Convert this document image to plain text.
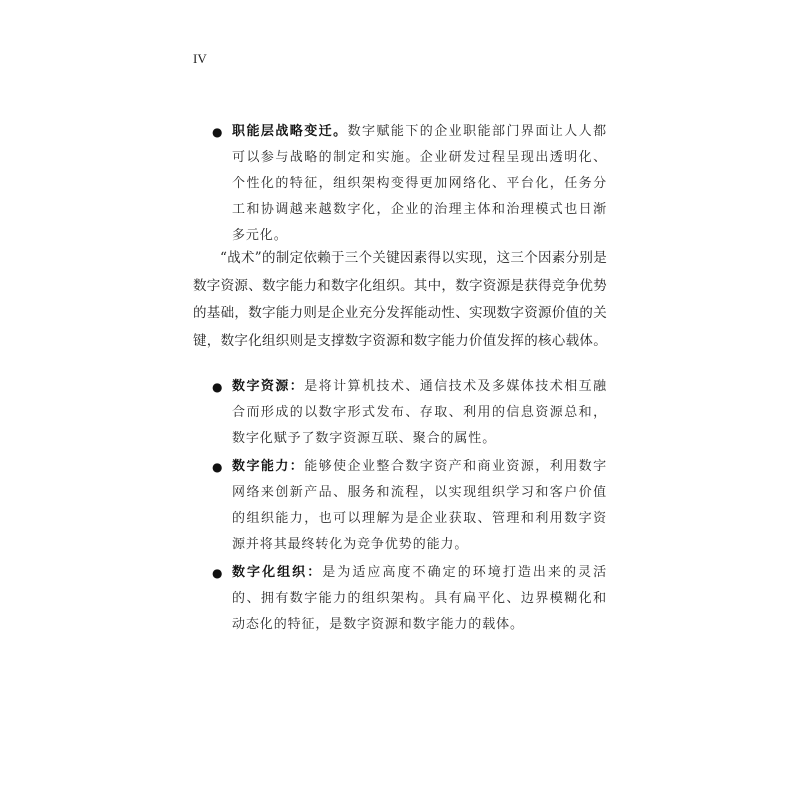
IV
● 职能层战略变迁。数字赋能下的企业职能部门界面让人人都可以参与战略的制定和实施。企业研发过程呈现出透明化、个性化的特征，组织架构变得更加网络化、平台化，任务分工和协调越来越数字化，企业的治理主体和治理模式也日渐多元化。

“战术”的制定依赖于三个关键因素得以实现，这三个因素分别是数字资源、数字能力和数字化组织。其中，数字资源是获得竞争优势的基础，数字能力则是企业充分发挥能动性、实现数字资源价值的关键，数字化组织则是支撑数字资源和数字能力价值发挥的核心载体。

● 数字资源：是将计算机技术、通信技术及多媒体技术相互融合而形成的以数字形式发布、存取、利用的信息资源总和，数字化赋予了数字资源互联、聚合的属性。
● 数字能力：能够使企业整合数字资产和商业资源，利用数字网络来创新产品、服务和流程，以实现组织学习和客户价值的组织能力，也可以理解为是企业获取、管理和利用数字资源并将其最终转化为竞争优势的能力。
● 数字化组织：是为适应高度不确定的环境打造出来的灵活的、拥有数字能力的组织架构。具有扁平化、边界模糊化和动态化的特征，是数字资源和数字能力的载体。
